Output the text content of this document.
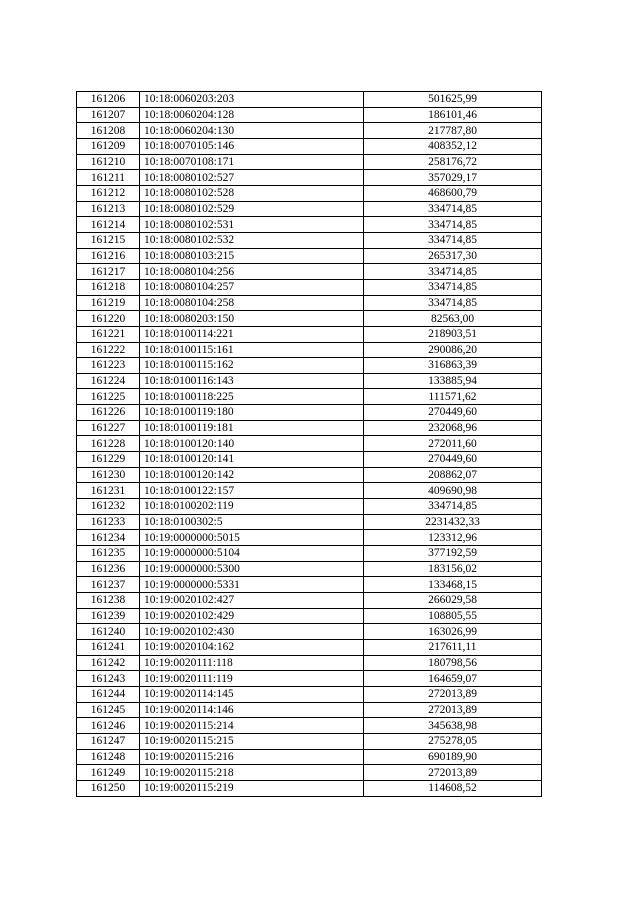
161206	10:18:0060203:203	501625,99
161207	10:18:0060204:128	186101,46
161208	10:18:0060204:130	217787,80
161209	10:18:0070105:146	408352,12
161210	10:18:0070108:171	258176,72
161211	10:18:0080102:527	357029,17
161212	10:18:0080102:528	468600,79
161213	10:18:0080102:529	334714,85
161214	10:18:0080102:531	334714,85
161215	10:18:0080102:532	334714,85
161216	10:18:0080103:215	265317,30
161217	10:18:0080104:256	334714,85
161218	10:18:0080104:257	334714,85
161219	10:18:0080104:258	334714,85
161220	10:18:0080203:150	82563,00
161221	10:18:0100114:221	218903,51
161222	10:18:0100115:161	290086,20
161223	10:18:0100115:162	316863,39
161224	10:18:0100116:143	133885,94
161225	10:18:0100118:225	111571,62
161226	10:18:0100119:180	270449,60
161227	10:18:0100119:181	232068,96
161228	10:18:0100120:140	272011,60
161229	10:18:0100120:141	270449,60
161230	10:18:0100120:142	208862,07
161231	10:18:0100122:157	409690,98
161232	10:18:0100202:119	334714,85
161233	10:18:0100302:5	2231432,33
161234	10:19:0000000:5015	123312,96
161235	10:19:0000000:5104	377192,59
161236	10:19:0000000:5300	183156,02
161237	10:19:0000000:5331	133468,15
161238	10:19:0020102:427	266029,58
161239	10:19:0020102:429	108805,55
161240	10:19:0020102:430	163026,99
161241	10:19:0020104:162	217611,11
161242	10:19:0020111:118	180798,56
161243	10:19:0020111:119	164659,07
161244	10:19:0020114:145	272013,89
161245	10:19:0020114:146	272013,89
161246	10:19:0020115:214	345638,98
161247	10:19:0020115:215	275278,05
161248	10:19:0020115:216	690189,90
161249	10:19:0020115:218	272013,89
161250	10:19:0020115:219	114608,52
